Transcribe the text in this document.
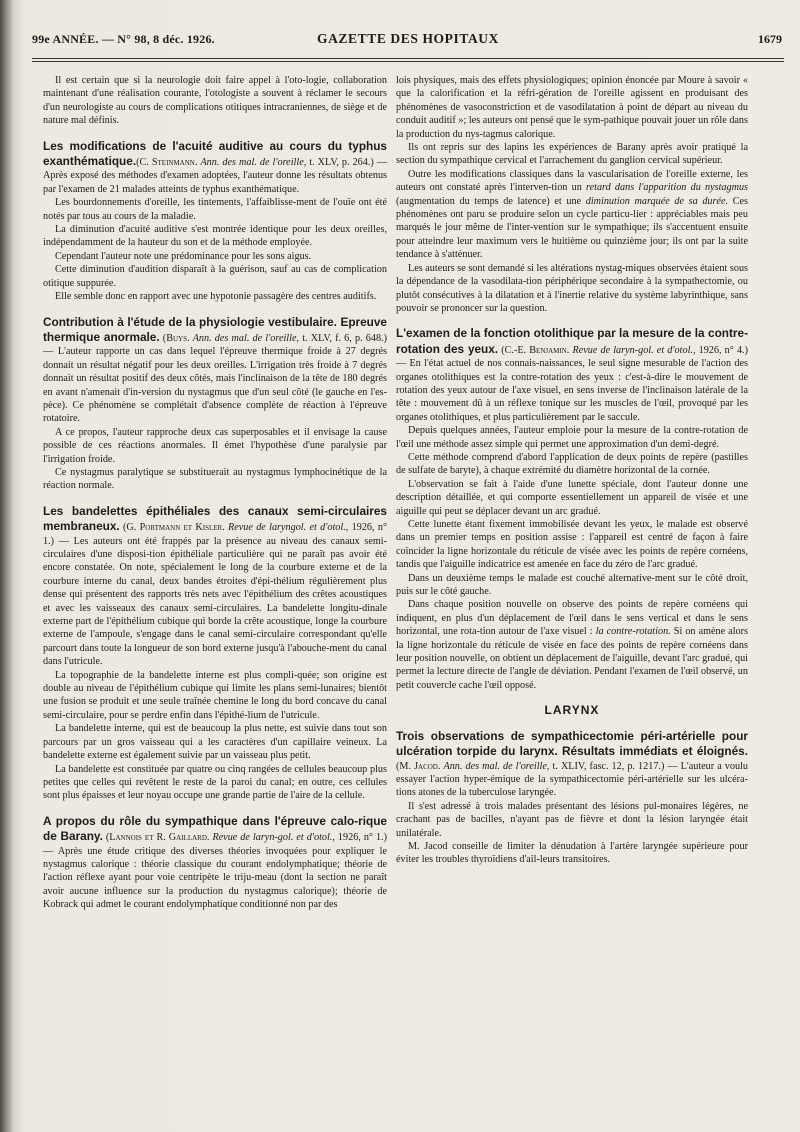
99e ANNÉE. — N° 98, 8 déc. 1926.	GAZETTE DES HOPITAUX	1679

Il est certain que si la neurologie doit faire appel à l'oto-logie, collaboration maintenant d'une réalisation courante, l'otologiste a souvent à réclamer le secours d'un neurologiste au cours de complications otitiques intracraniennes, de siège et de nature mal définis.

Les modifications de l'acuité auditive au cours du typhus exanthématique.(C. Steinmann. Ann. des mal. de l'oreille, t. XLV, p. 264.) — Après exposé des méthodes d'examen adoptées, l'auteur donne les résultats obtenus par l'examen de 21 malades atteints de typhus exanthématique.

Les bourdonnements d'oreille, les tintements, l'affaiblisse-ment de l'ouïe ont été notés par tous au cours de la maladie.

La diminution d'acuité auditive s'est montrée identique pour les deux oreilles, indépendamment de la hauteur du son et de la méthode employée.

Cependant l'auteur note une prédominance pour les sons aigus.

Cette diminution d'audition disparaît à la guérison, sauf au cas de complication otitique suppurée.

Elle semble donc en rapport avec une hypotonie passagère des centres auditifs.

Contribution à l'étude de la physiologie vestibulaire. Epreuve thermique anormale. (Buys. Ann. des mal. de l'oreille, t. XLV, f. 6, p. 648.) — L'auteur rapporte un cas dans lequel l'épreuve thermique froide à 27 degrés donnait un résultat négatif pour les deux oreilles. L'irrigation très froide à 7 degrés donnait un résultat positif des deux côtés, mais l'inclinaison de la tête de 180 degrés en avant n'amenait d'in-version du nystagmus que d'un seul côté (le gauche en l'es-pèce). Ce phénomène se complétait d'absence complète de réaction à l'épreuve rotatoire.

A ce propos, l'auteur rapproche deux cas superposables et il envisage la cause possible de ces réactions anormales. Il émet l'hypothèse d'une paralysie par l'irrigation froide.

Ce nystagmus paralytique se substituerait au nystagmus lymphocinétique de la réaction normale.

Les bandelettes épithéliales des canaux semi-circulaires membraneux. (G. Portmann et Kisler. Revue de laryngol. et d'otol., 1926, n° 1.) — Les auteurs ont été frappés par la présence au niveau des canaux semi-circulaires d'une disposi-tion épithéliale particulière qui ne paraît pas avoir été encore constatée. On note, spécialement le long de la courbure externe et de la courbure interne du canal, deux bandes étroites d'épi-thélium régulièrement plus dense qui présentent des rapports très nets avec l'épithélium des crêtes acoustiques et avec les vaisseaux des canaux semi-circulaires. La bandelette longitu-dinale externe part de l'épithélium cubique qui borde la crête acoustique, longe la courbure externe de l'ampoule, s'engage dans le canal semi-circulaire correspondant qu'elle parcourt dans toute la longueur de son bord externe jusqu'à l'abouche-ment du canal dans l'utricule.

La topographie de la bandelette interne est plus compli-quée; son origine est double au niveau de l'épithélium cubique qui limite les plans semi-lunaires; bientôt une fusion se produit et une seule traînée chemine le long du bord concave du canal semi-circulaire, pour se perdre enfin dans l'épithé-lium de l'utricule.

La bandelette interne, qui est de beaucoup la plus nette, est suivie dans tout son parcours par un gros vaisseau qui a les caractères d'un capillaire veineux. La bandelette externe est également suivie par un vaisseau plus petit.

La bandelette est constituée par quatre ou cinq rangées de cellules beaucoup plus petites que celles qui revêtent le reste de la paroi du canal; en outre, ces cellules sont plus épaisses et leur noyau occupe une grande partie de l'aire de la cellule.

A propos du rôle du sympathique dans l'épreuve calo-rique de Barany. (Lannois et R. Gaillard. Revue de laryn-gol. et d'otol., 1926, n° 1.) — Après une étude critique des diverses théories invoquées pour expliquer le nystagmus calorique : théorie classique du courant endolymphatique; théorie de l'action réflexe ayant pour voie centripète le triju-meau (dont la section ne paraît avoir aucune influence sur la production du nystagmus calorique); théorie de Kobrack qui admet le courant endolymphatique conditionné non par des

lois physiques, mais des effets physiologiques; opinion énoncée par Moure à savoir « que la calorification et la réfri-gération de l'oreille agissent en produisant des phénomènes de vasoconstriction et de vasodilatation à point de départ au niveau du conduit auditif »; les auteurs ont pensé que le sym-pathique pouvait jouer un rôle dans la production du nys-tagmus calorique.

Ils ont repris sur des lapins les expériences de Barany après avoir pratiqué la section du sympathique cervical et l'arrachement du ganglion cervical supérieur.

Outre les modifications classiques dans la vascularisation de l'oreille externe, les auteurs ont constaté après l'interven-tion un retard dans l'apparition du nystagmus (augmentation du temps de latence) et une diminution marquée de sa durée. Ces phénomènes ont paru se produire selon un cycle particu-lier : appréciables mais peu marqués le jour même de l'inter-vention sur le sympathique; ils s'accentuent ensuite pour atteindre leur maximum vers le huitième ou quinzième jour; ils ont par la suite tendance à s'atténuer.

Les auteurs se sont demandé si les altérations nystag-miques observées étaient sous la dépendance de la vasodilata-tion périphérique secondaire à la sympathectomie, ou plutôt consécutives à la dilatation et à l'inertie relative du système labyrinthique, sans pouvoir se prononcer sur la question.

L'examen de la fonction otolithique par la mesure de la contre-rotation des yeux. (C.-E. Benjamin. Revue de laryn-gol. et d'otol., 1926, n° 4.) — En l'état actuel de nos connais-naissances, le seul signe mesurable de l'action des organes otolithiques est la contre-rotation des yeux : c'est-à-dire le mouvement de rotation des yeux autour de l'axe visuel, en sens inverse de l'inclinaison latérale de la tête : mouvement dû à un réflexe tonique sur les muscles de l'œil, provoqué par les organes otolithiques, et plus particulièrement par le saccule.

Depuis quelques années, l'auteur emploie pour la mesure de la contre-rotation de l'œil une méthode assez simple qui permet une approximation d'un demi-degré.

Cette méthode comprend d'abord l'application de deux points de repère (pastilles de sulfate de baryte), à chaque extrémité du diamètre horizontal de la cornée.

L'observation se fait à l'aide d'une lunette spéciale, dont l'auteur donne une description détaillée, et qui comporte essentiellement un appareil de visée et une aiguille qui peut se déplacer devant un arc gradué.

Cette lunette étant fixement immobilisée devant les yeux, le malade est observé dans un premier temps en position assise : l'appareil est centré de façon à faire coïncider la ligne horizontale du réticule de visée avec les points de repère cornéens, tandis que l'aiguille indicatrice est amenée en face du zéro de l'arc gradué.

Dans un deuxième temps le malade est couché alternative-ment sur le côté droit, puis sur le côté gauche.

Dans chaque position nouvelle on observe des points de repère cornéens qui indiquent, en plus d'un déplacement de l'œil dans le sens vertical et dans le sens horizontal, une rota-tion autour de l'axe visuel : la contre-rotation. Si on amène alors la ligne horizontale du réticule de visée en face des points de repère cornéens dans leur position nouvelle, on obtient un déplacement de l'aiguille, devant l'arc gradué, qui permet la lecture directe de l'angle de déviation. Pendant l'examen de l'œil observé, un petit couvercle cache l'œil opposé.

LARYNX

Trois observations de sympathicectomie péri-artérielle pour ulcération torpide du larynx. Résultats immédiats et éloignés. (M. Jacod. Ann. des mal. de l'oreille, t. XLIV, fasc. 12, p. 1217.) — L'auteur a voulu essayer l'action hyper-émique de la sympathicectomie péri-artérielle sur les ulcéra-tions atones de la tuberculose laryngée.

Il s'est adressé à trois malades présentant des lésions pul-monaires légères, ne crachant pas de bacilles, n'ayant pas de fièvre et dont la lésion laryngée était unilatérale.

M. Jacod conseille de limiter la dénudation à l'artère laryngée supérieure pour éviter les troubles thyroïdiens d'ail-leurs transitoires.
